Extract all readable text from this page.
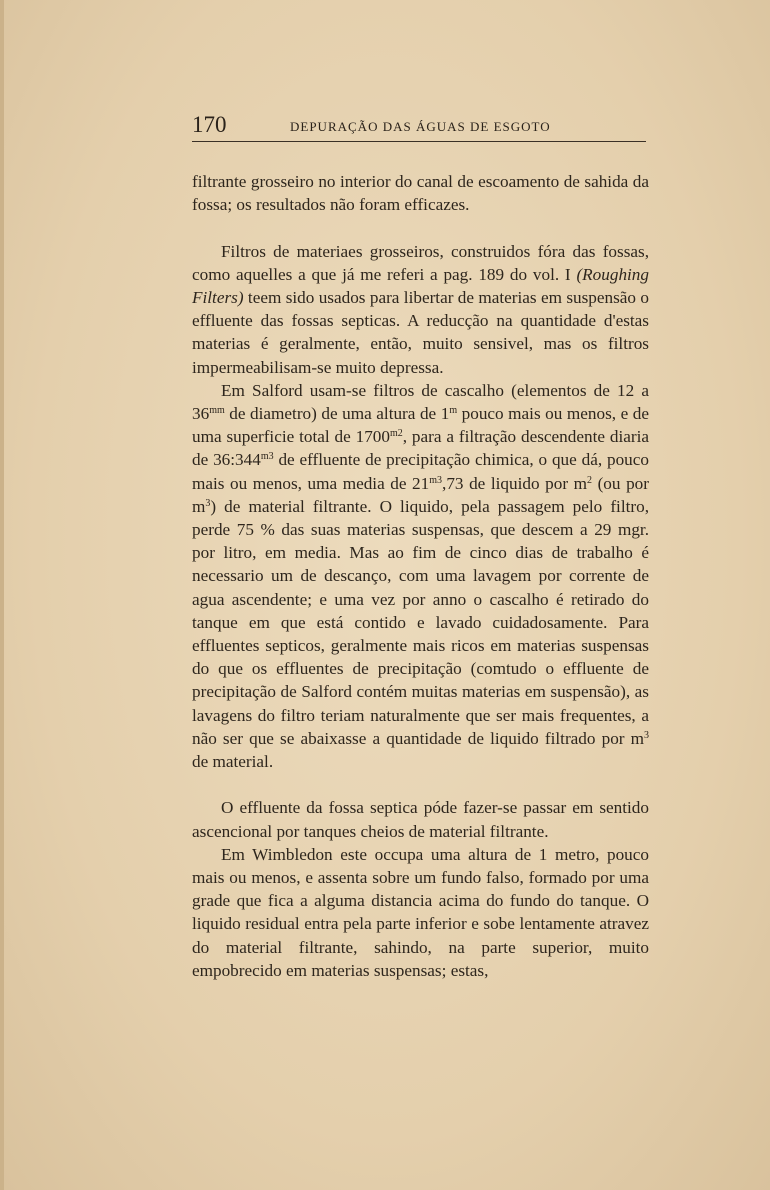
170	DEPURAÇÃO DAS ÁGUAS DE ESGOTO

filtrante grosseiro no interior do canal de escoamento de sahida da fossa; os resultados não foram efficazes.

Filtros de materiaes grosseiros, construidos fóra das fossas, como aquelles a que já me referi a pag. 189 do vol. I (Roughing Filters) teem sido usados para libertar de materias em suspensão o effluente das fossas septicas. A reducção na quantidade d'estas materias é geralmente, então, muito sensivel, mas os filtros impermeabilisam-se muito depressa.

Em Salford usam-se filtros de cascalho (elementos de 12 a $36^{mm}$ de diametro) de uma altura de 1$^m$ pouco mais ou menos, e de uma superficie total de $1700^{m2}$, para a filtração descendente diaria de $36:344^{m3}$ de effluente de precipitação chimica, o que dá, pouco mais ou menos, uma media de $21^{m3},73$ de liquido por $m^2$ (ou por $m^3$) de material filtrante. O liquido, pela passagem pelo filtro, perde 75 % das suas materias suspensas, que descem a 29 mgr. por litro, em media. Mas ao fim de cinco dias de trabalho é necessario um de descanço, com uma lavagem por corrente de agua ascendente; e uma vez por anno o cascalho é retirado do tanque em que está contido e lavado cuidadosamente. Para effluentes septicos, geralmente mais ricos em materias suspensas do que os effluentes de precipitação (comtudo o effluente de precipitação de Salford contém muitas materias em suspensão), as lavagens do filtro teriam naturalmente que ser mais frequentes, a não ser que se abaixasse a quantidade de liquido filtrado por $m^3$ de material.

O effluente da fossa septica póde fazer-se passar em sentido ascencional por tanques cheios de material filtrante.

Em Wimbledon este occupa uma altura de 1 metro, pouco mais ou menos, e assenta sobre um fundo falso, formado por uma grade que fica a alguma distancia acima do fundo do tanque. O liquido residual entra pela parte inferior e sobe lentamente atravez do material filtrante, sahindo, na parte superior, muito empobrecido em materias suspensas; estas,
